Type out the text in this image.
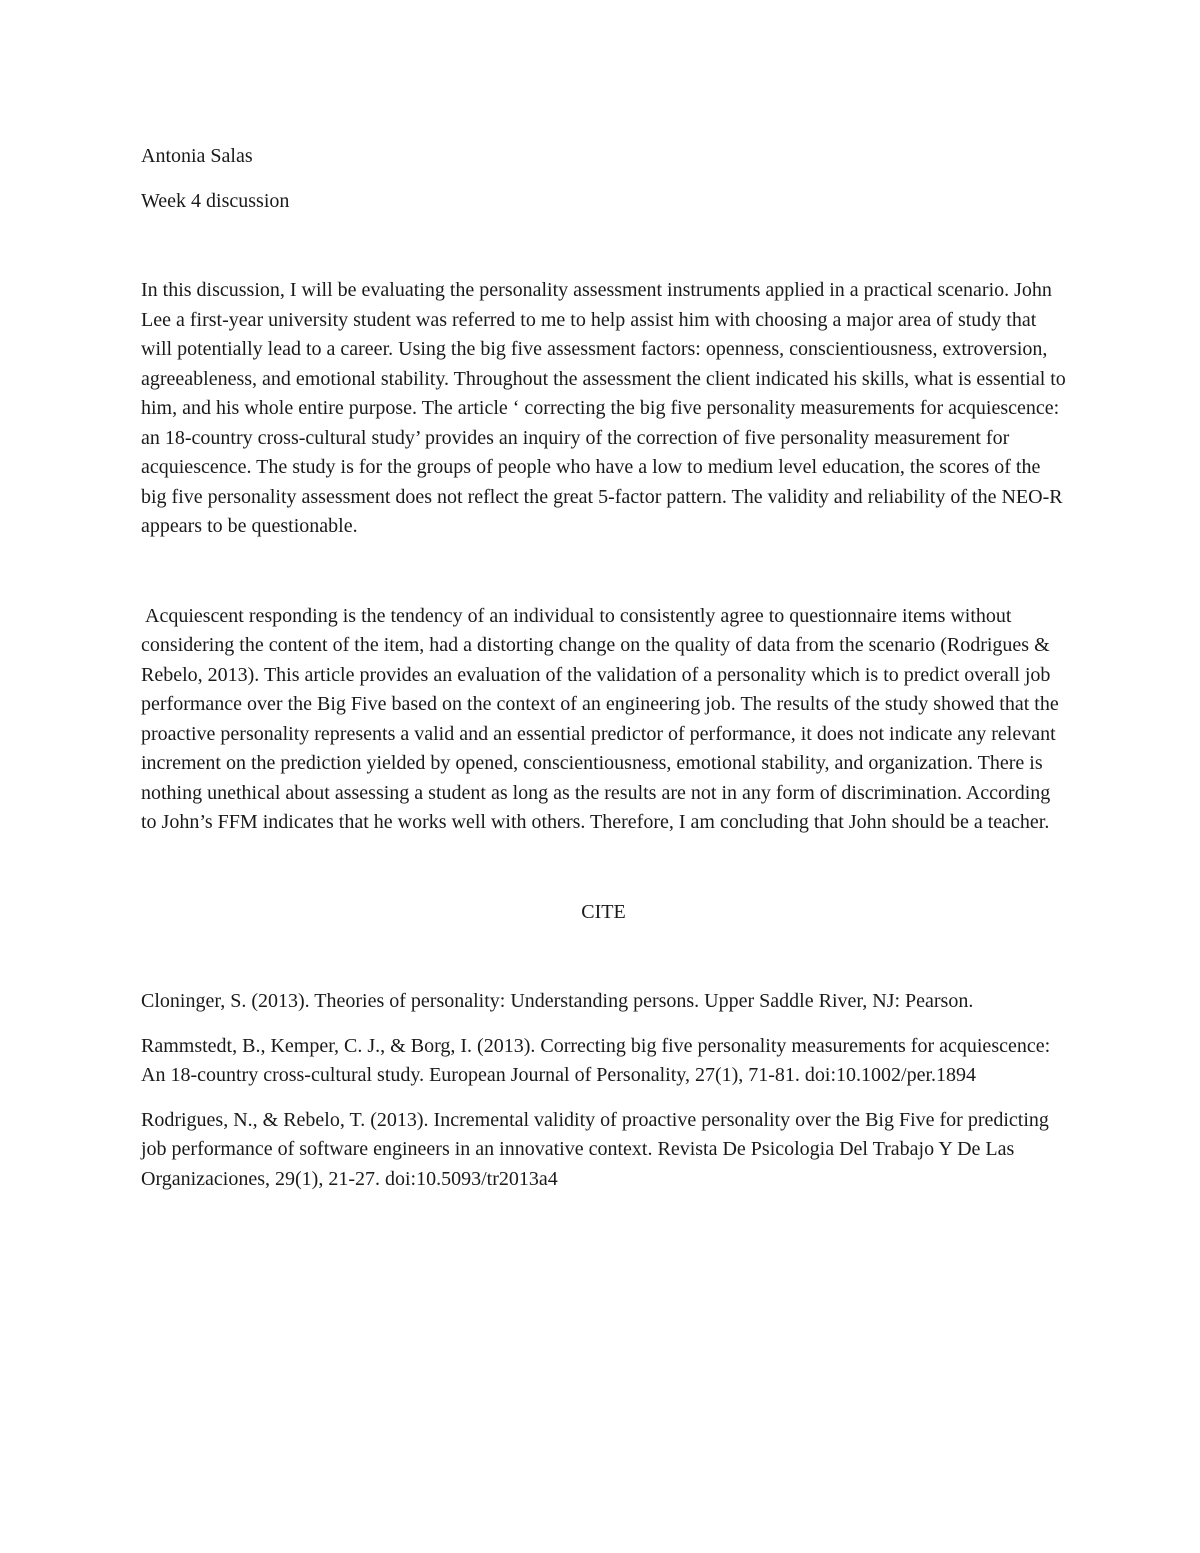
Antonia Salas

Week 4 discussion

In this discussion, I will be evaluating the personality assessment instruments applied in a practical scenario. John Lee a first-year university student was referred to me to help assist him with choosing a major area of study that will potentially lead to a career. Using the big five assessment factors: openness, conscientiousness, extroversion, agreeableness, and emotional stability. Throughout the assessment the client indicated his skills, what is essential to him, and his whole entire purpose. The article ‘ correcting the big five personality measurements for acquiescence: an 18-country cross-cultural study’ provides an inquiry of the correction of five personality measurement for acquiescence. The study is for the groups of people who have a low to medium level education, the scores of the big five personality assessment does not reflect the great 5-factor pattern. The validity and reliability of the NEO-R appears to be questionable.

Acquiescent responding is the tendency of an individual to consistently agree to questionnaire items without considering the content of the item, had a distorting change on the quality of data from the scenario (Rodrigues & Rebelo, 2013). This article provides an evaluation of the validation of a personality which is to predict overall job performance over the Big Five based on the context of an engineering job. The results of the study showed that the proactive personality represents a valid and an essential predictor of performance, it does not indicate any relevant increment on the prediction yielded by opened, conscientiousness, emotional stability, and organization. There is nothing unethical about assessing a student as long as the results are not in any form of discrimination. According to John’s FFM indicates that he works well with others. Therefore, I am concluding that John should be a teacher.

CITE

Cloninger, S. (2013). Theories of personality: Understanding persons. Upper Saddle River, NJ: Pearson.

Rammstedt, B., Kemper, C. J., & Borg, I. (2013). Correcting big five personality measurements for acquiescence: An 18-country cross-cultural study. European Journal of Personality, 27(1), 71-81. doi:10.1002/per.1894

Rodrigues, N., & Rebelo, T. (2013). Incremental validity of proactive personality over the Big Five for predicting job performance of software engineers in an innovative context. Revista De Psicologia Del Trabajo Y De Las Organizaciones, 29(1), 21-27. doi:10.5093/tr2013a4
